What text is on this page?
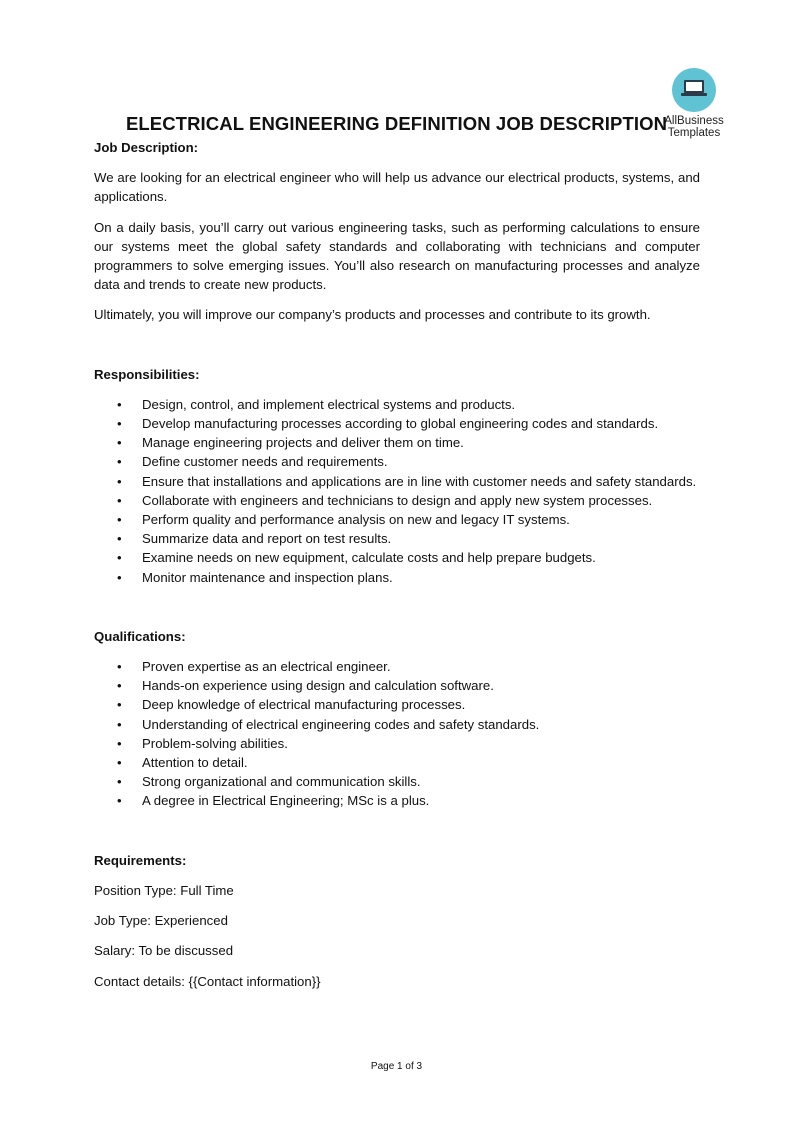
AllBusiness
Templates
ELECTRICAL ENGINEERING DEFINITION JOB DESCRIPTION
Job Description:

We are looking for an electrical engineer who will help us advance our electrical products, systems, and applications.

On a daily basis, you’ll carry out various engineering tasks, such as performing calculations to ensure our systems meet the global safety standards and collaborating with technicians and computer programmers to solve emerging issues. You’ll also research on manufacturing processes and analyze data and trends to create new products.

Ultimately, you will improve our company’s products and processes and contribute to its growth.

Responsibilities:
• Design, control, and implement electrical systems and products.
• Develop manufacturing processes according to global engineering codes and standards.
• Manage engineering projects and deliver them on time.
• Define customer needs and requirements.
• Ensure that installations and applications are in line with customer needs and safety standards.
• Collaborate with engineers and technicians to design and apply new system processes.
• Perform quality and performance analysis on new and legacy IT systems.
• Summarize data and report on test results.
• Examine needs on new equipment, calculate costs and help prepare budgets.
• Monitor maintenance and inspection plans.
Qualifications:
• Proven expertise as an electrical engineer.
• Hands-on experience using design and calculation software.
• Deep knowledge of electrical manufacturing processes.
• Understanding of electrical engineering codes and safety standards.
• Problem-solving abilities.
• Attention to detail.
• Strong organizational and communication skills.
• A degree in Electrical Engineering; MSc is a plus.
Requirements:

Position Type: Full Time

Job Type: Experienced

Salary: To be discussed

Contact details: {{Contact information}}

Page 1 of 3
